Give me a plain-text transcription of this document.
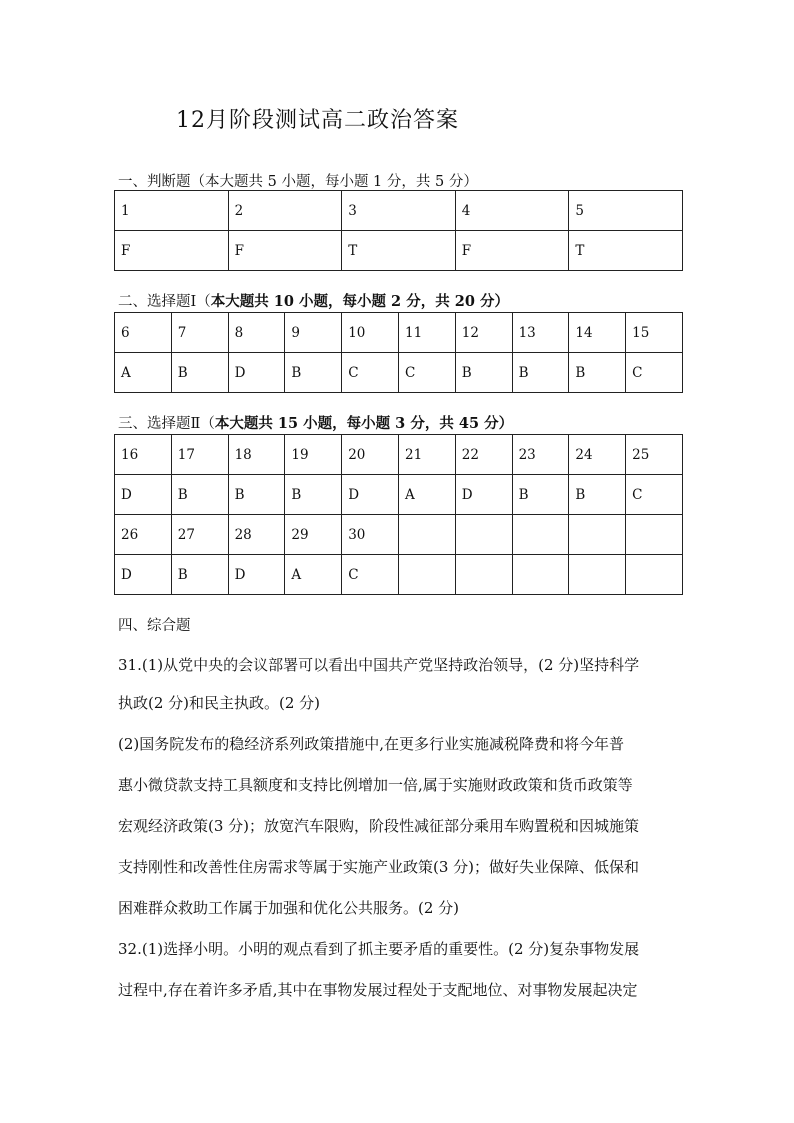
12月阶段测试高二政治答案
一、判断题（本大题共 5 小题，每小题 1 分，共 5 分）
1	2	3	4	5
F	F	T	F	T
二、选择题Ⅰ（本大题共 10 小题，每小题 2 分，共 20 分）
6	7	8	9	10	11	12	13	14	15
A	B	D	B	C	C	B	B	B	C
三、选择题Ⅱ（本大题共 15 小题，每小题 3 分，共 45 分）
16	17	18	19	20	21	22	23	24	25
D	B	B	B	D	A	D	B	B	C
26	27	28	29	30					
D	B	D	A	C					
四、综合题
31.(1)从党中央的会议部署可以看出中国共产党坚持政治领导，(2 分)坚持科学
执政(2 分)和民主执政。(2 分)
(2)国务院发布的稳经济系列政策措施中,在更多行业实施减税降费和将今年普
惠小微贷款支持工具额度和支持比例增加一倍,属于实施财政政策和货币政策等
宏观经济政策(3 分)；放宽汽车限购，阶段性减征部分乘用车购置税和因城施策
支持刚性和改善性住房需求等属于实施产业政策(3 分)；做好失业保障、低保和
困难群众救助工作属于加强和优化公共服务。(2 分)
32.(1)选择小明。小明的观点看到了抓主要矛盾的重要性。(2 分)复杂事物发展
过程中,存在着许多矛盾,其中在事物发展过程处于支配地位、对事物发展起决定
